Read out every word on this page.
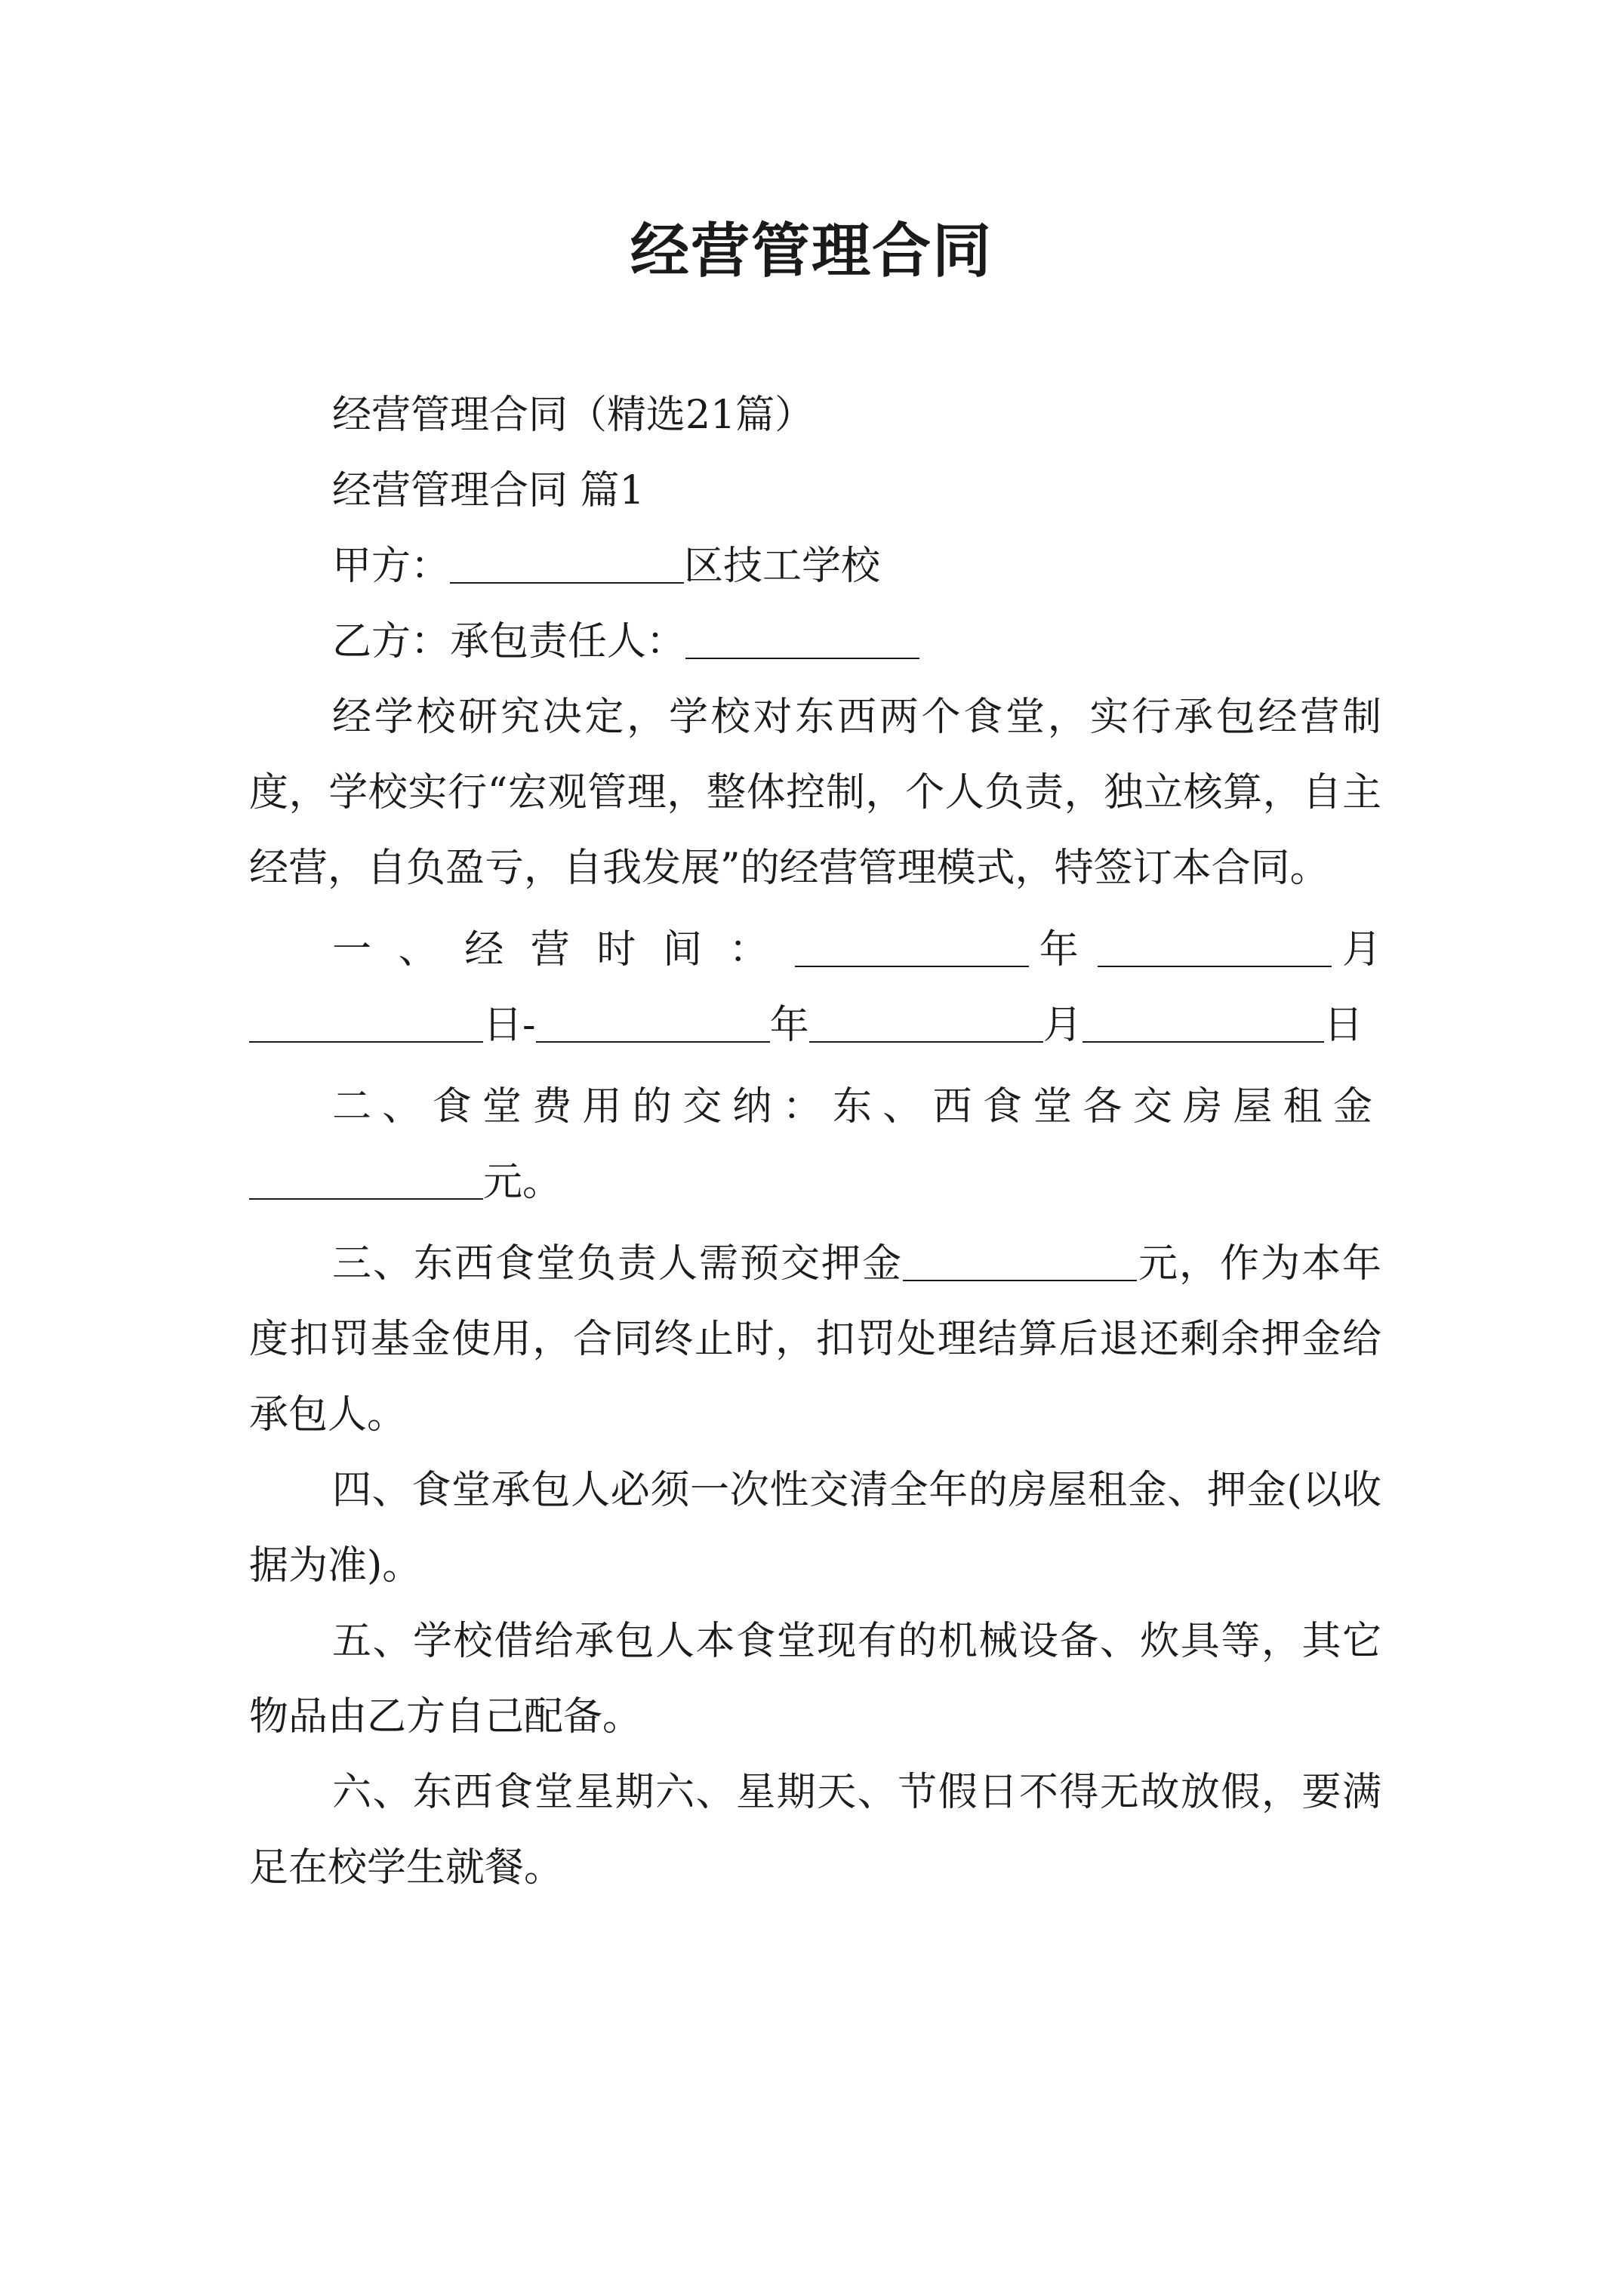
经营管理合同

经营管理合同（精选21篇）

经营管理合同 篇1

甲方：	区技工学校

乙方：承包责任人：

经学校研究决定，学校对东西两个食堂，实行承包经营制度，学校实行“宏观管理，整体控制，个人负责，独立核算，自主经营，自负盈亏，自我发展”的经营管理模式，特签订本合同。

一、经营时间：	年	月日-	年	月	日

二、食堂费用的交纳：东、西食堂各交房屋租金元。

三、东西食堂负责人需预交押金	元，作为本年度扣罚基金使用，合同终止时，扣罚处理结算后退还剩余押金给承包人。

四、食堂承包人必须一次性交清全年的房屋租金、押金(以收据为准)。

五、学校借给承包人本食堂现有的机械设备、炊具等，其它物品由乙方自己配备。

六、东西食堂星期六、星期天、节假日不得无故放假，要满足在校学生就餐。
